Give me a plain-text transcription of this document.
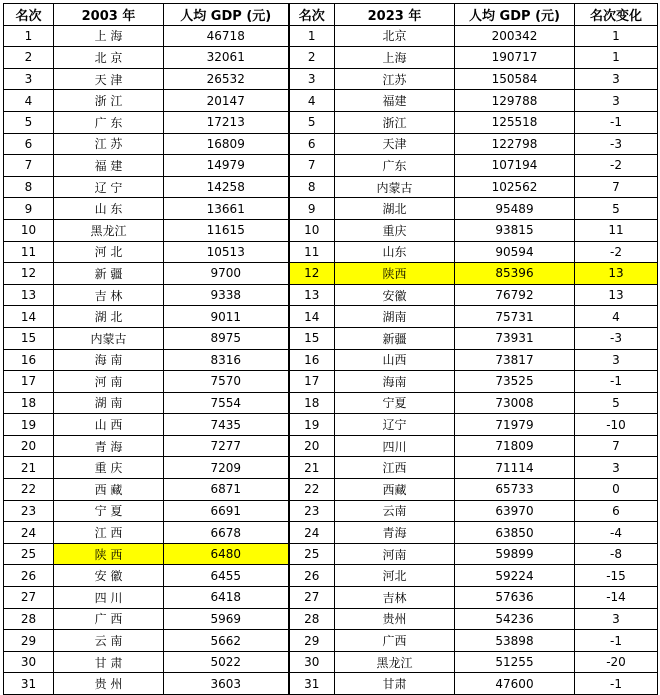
名次	2003 年	人均 GDP (元)	名次	2023 年	人均 GDP (元)	名次变化
1	上 海	46718	1	北京	200342	1
2	北 京	32061	2	上海	190717	1
3	天 津	26532	3	江苏	150584	3
4	浙 江	20147	4	福建	129788	3
5	广 东	17213	5	浙江	125518	-1
6	江 苏	16809	6	天津	122798	-3
7	福 建	14979	7	广东	107194	-2
8	辽 宁	14258	8	内蒙古	102562	7
9	山 东	13661	9	湖北	95489	5
10	黑龙江	11615	10	重庆	93815	11
11	河 北	10513	11	山东	90594	-2
12	新 疆	9700	12	陕西	85396	13
13	吉 林	9338	13	安徽	76792	13
14	湖 北	9011	14	湖南	75731	4
15	内蒙古	8975	15	新疆	73931	-3
16	海 南	8316	16	山西	73817	3
17	河 南	7570	17	海南	73525	-1
18	湖 南	7554	18	宁夏	73008	5
19	山 西	7435	19	辽宁	71979	-10
20	青 海	7277	20	四川	71809	7
21	重 庆	7209	21	江西	71114	3
22	西 藏	6871	22	西藏	65733	0
23	宁 夏	6691	23	云南	63970	6
24	江 西	6678	24	青海	63850	-4
25	陕 西	6480	25	河南	59899	-8
26	安 徽	6455	26	河北	59224	-15
27	四 川	6418	27	吉林	57636	-14
28	广 西	5969	28	贵州	54236	3
29	云 南	5662	29	广西	53898	-1
30	甘 肃	5022	30	黑龙江	51255	-20
31	贵 州	3603	31	甘肃	47600	-1
